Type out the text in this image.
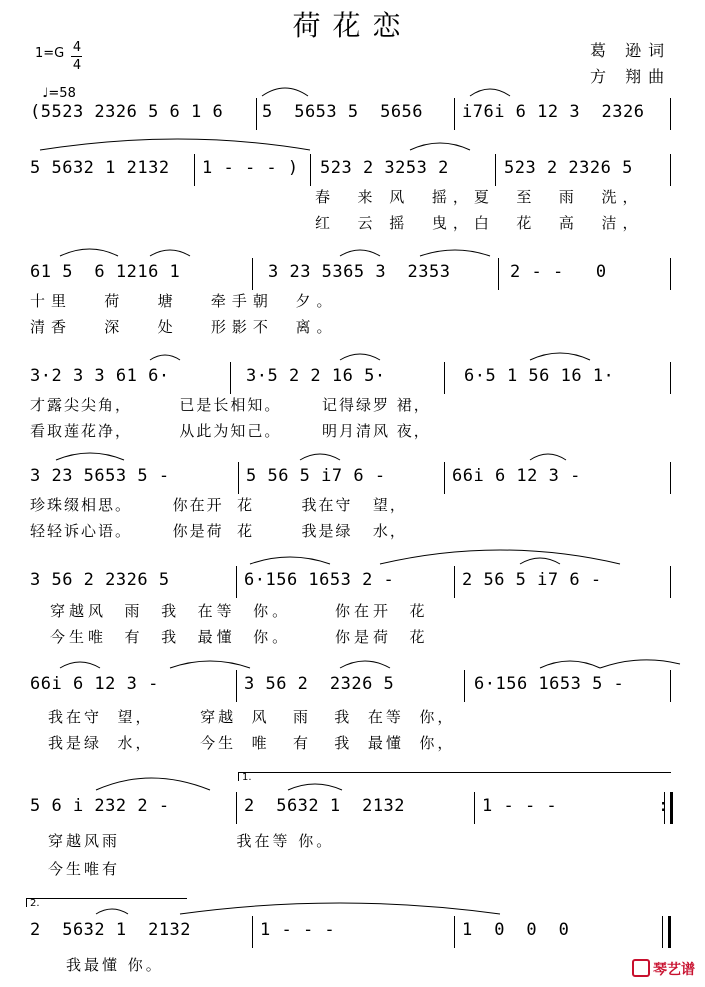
荷花恋
葛 逊词
方 翔曲
1=G 4
4

♩=58

(5523 2326 5 6 1 6 5  5653 5  5656 i76i 6 12 3  2326
5 5632 1 2132 1 - - - ) 523 2 3253 2	523 2 2326 5
春  来 风  摇，夏  至  雨  洗，
红  云 摇  曳，白  花  高  洁，
61 5  6 1216 1	3 23 5365 3  2353	2 - -   0
十里   荷   塘   牵手朝  夕。
清香   深   处   形影不  离。
3·2 3 3 61 6·	3·5 2 2 16 5·	6·5 1 56 16 1·
才露尖尖角，       已是长相知。      记得绿罗 裙，
看取莲花净，       从此为知己。      明月清风 夜，
3 23 5653 5 -	5 56 5 i7 6 -	66i 6 12 3 -
珍珠缀相思。      你在开  花       我在守   望，
轻轻诉心语。      你是荷  花       我是绿   水，
3 56 2 2326 5	6·156 1653 2 -	2 56 5 i7 6 -
穿越风  雨  我  在等  你。     你在开  花
今生唯  有  我  最懂  你。     你是荷  花
66i 6 12 3 -	3 56 2  2326 5	6·156 1653 5 -
我在守  望，      穿越  风   雨   我  在等  你，
我是绿  水，      今生  唯   有   我  最懂  你，
1.
5 6 i 232 2 -	2  5632 1  2132	1 - - -	:
穿越风雨               我在等 你。
今生唯有
2.
2  5632 1  2132	1 - - -	1  0  0  0
我最懂 你。	琴艺谱
